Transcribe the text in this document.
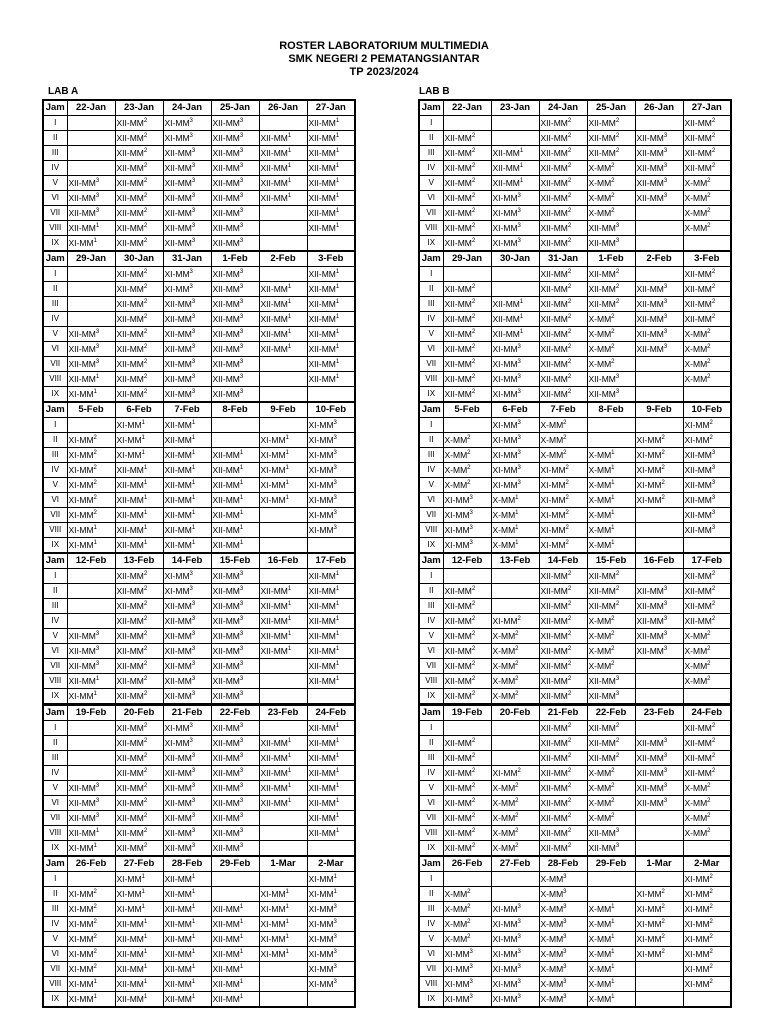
ROSTER LABORATORIUM MULTIMEDIA
SMK NEGERI 2 PEMATANGSIANTAR
TP 2023/2024
LAB A	LAB B
Jam	22-Jan	23-Jan	24-Jan	25-Jan	26-Jan	27-Jan
I		XII-$MM^2$	$XI-MM^3$	XII-$MM^3$		XII-$MM^1$
II		XII-$MM^2$	$XI-MM^3$	XII-$MM^3$	XII-$MM^1$	XII-$MM^1$
III		XII-$MM^2$	XII-$MM^3$	XII-$MM^3$	XII-$MM^1$	XII-$MM^1$
IV		XII-$MM^2$	XII-$MM^3$	XII-$MM^3$	XII-$MM^1$	XII-$MM^1$
V	XII-$MM^3$	XII-$MM^2$	XII-$MM^3$	XII-$MM^3$	XII-$MM^1$	XII-$MM^1$
VI	XII-$MM^3$	XII-$MM^2$	XII-$MM^3$	XII-$MM^3$	XII-$MM^1$	XII-$MM^1$
VII	XII-$MM^3$	XII-$MM^2$	XII-$MM^3$	XII-$MM^3$		XII-$MM^1$
VIII	XII-$MM^1$	XII-$MM^2$	XII-$MM^3$	XII-$MM^3$		XII-$MM^1$
IX	$XI-MM^1$	XII-$MM^2$	XII-$MM^3$	XII-$MM^3$		
Jam	29-Jan	30-Jan	31-Jan	1-Feb	2-Feb	3-Feb
I		XII-$MM^2$	$XI-MM^3$	XII-$MM^3$		XII-$MM^1$
II		XII-$MM^2$	$XI-MM^3$	XII-$MM^3$	XII-$MM^1$	XII-$MM^1$
III		XII-$MM^2$	XII-$MM^3$	XII-$MM^3$	XII-$MM^1$	XII-$MM^1$
IV		XII-$MM^2$	XII-$MM^3$	XII-$MM^3$	XII-$MM^1$	XII-$MM^1$
V	XII-$MM^3$	XII-$MM^2$	XII-$MM^3$	XII-$MM^3$	XII-$MM^1$	XII-$MM^1$
VI	XII-$MM^3$	XII-$MM^2$	XII-$MM^3$	XII-$MM^3$	XII-$MM^1$	XII-$MM^1$
VII	XII-$MM^3$	XII-$MM^2$	XII-$MM^3$	XII-$MM^3$		XII-$MM^1$
VIII	XII-$MM^1$	XII-$MM^2$	XII-$MM^3$	XII-$MM^3$		XII-$MM^1$
IX	$XI-MM^1$	XII-$MM^2$	XII-$MM^3$	XII-$MM^3$		
Jam	5-Feb	6-Feb	7-Feb	8-Feb	9-Feb	10-Feb
I		$XI-MM^1$	XII-$MM^1$			$XI-MM^3$
II	$XI-MM^2$	$XI-MM^1$	XII-$MM^1$		$XI-MM^1$	$XI-MM^3$
III	$XI-MM^2$	$XI-MM^1$	XII-$MM^1$	XII-$MM^1$	$XI-MM^1$	$XI-MM^3$
IV	$XI-MM^2$	XII-$MM^1$	XII-$MM^1$	XII-$MM^1$	$XI-MM^1$	$XI-MM^3$
V	$XI-MM^2$	XII-$MM^1$	XII-$MM^1$	XII-$MM^1$	$XI-MM^1$	$XI-MM^3$
VI	$XI-MM^2$	XII-$MM^1$	XII-$MM^1$	XII-$MM^1$	$XI-MM^1$	$XI-MM^3$
VII	$XI-MM^2$	XII-$MM^1$	XII-$MM^1$	XII-$MM^1$		$XI-MM^3$
VIII	$XI-MM^1$	XII-$MM^1$	XII-$MM^1$	XII-$MM^1$		$XI-MM^3$
IX	$XI-MM^1$	XII-$MM^1$	XII-$MM^1$	XII-$MM^1$		
Jam	12-Feb	13-Feb	14-Feb	15-Feb	16-Feb	17-Feb
I		XII-$MM^2$	$XI-MM^3$	XII-$MM^3$		XII-$MM^1$
II		XII-$MM^2$	$XI-MM^3$	XII-$MM^3$	XII-$MM^1$	XII-$MM^1$
III		XII-$MM^2$	XII-$MM^3$	XII-$MM^3$	XII-$MM^1$	XII-$MM^1$
IV		XII-$MM^2$	XII-$MM^3$	XII-$MM^3$	XII-$MM^1$	XII-$MM^1$
V	XII-$MM^3$	XII-$MM^2$	XII-$MM^3$	XII-$MM^3$	XII-$MM^1$	XII-$MM^1$
VI	XII-$MM^3$	XII-$MM^2$	XII-$MM^3$	XII-$MM^3$	XII-$MM^1$	XII-$MM^1$
VII	XII-$MM^3$	XII-$MM^2$	XII-$MM^3$	XII-$MM^3$		XII-$MM^1$
VIII	XII-$MM^1$	XII-$MM^2$	XII-$MM^3$	XII-$MM^3$		XII-$MM^1$
IX	$XI-MM^1$	XII-$MM^2$	XII-$MM^3$	XII-$MM^3$		
Jam	19-Feb	20-Feb	21-Feb	22-Feb	23-Feb	24-Feb
I		XII-$MM^2$	$XI-MM^3$	XII-$MM^3$		XII-$MM^1$
II		XII-$MM^2$	$XI-MM^3$	XII-$MM^3$	XII-$MM^1$	XII-$MM^1$
III		XII-$MM^2$	XII-$MM^3$	XII-$MM^3$	XII-$MM^1$	XII-$MM^1$
IV		XII-$MM^2$	XII-$MM^3$	XII-$MM^3$	XII-$MM^1$	XII-$MM^1$
V	XII-$MM^3$	XII-$MM^2$	XII-$MM^3$	XII-$MM^3$	XII-$MM^1$	XII-$MM^1$
VI	XII-$MM^3$	XII-$MM^2$	XII-$MM^3$	XII-$MM^3$	XII-$MM^1$	XII-$MM^1$
VII	XII-$MM^3$	XII-$MM^2$	XII-$MM^3$	XII-$MM^3$		XII-$MM^1$
VIII	XII-$MM^1$	XII-$MM^2$	XII-$MM^3$	XII-$MM^3$		XII-$MM^1$
IX	$XI-MM^1$	XII-$MM^2$	XII-$MM^3$	XII-$MM^3$		
Jam	26-Feb	27-Feb	28-Feb	29-Feb	1-Mar	2-Mar
I		$XI-MM^1$	XII-$MM^1$			$XI-MM^1$
II	$XI-MM^2$	$XI-MM^1$	XII-$MM^1$		$XI-MM^1$	$XI-MM^1$
III	$XI-MM^2$	$XI-MM^1$	XII-$MM^1$	XII-$MM^1$	$XI-MM^1$	$XI-MM^3$
IV	$XI-MM^2$	XII-$MM^1$	XII-$MM^1$	XII-$MM^1$	$XI-MM^1$	$XI-MM^3$
V	$XI-MM^2$	XII-$MM^1$	XII-$MM^1$	XII-$MM^1$	$XI-MM^1$	$XI-MM^3$
VI	$XI-MM^2$	XII-$MM^1$	XII-$MM^1$	XII-$MM^1$	$XI-MM^1$	$XI-MM^3$
VII	$XI-MM^2$	XII-$MM^1$	XII-$MM^1$	XII-$MM^1$		$XI-MM^3$
VIII	$XI-MM^1$	XII-$MM^1$	XII-$MM^1$	XII-$MM^1$		$XI-MM^3$
IX	$XI-MM^1$	XII-$MM^1$	XII-$MM^1$	XII-$MM^1$		
Jam	22-Jan	23-Jan	24-Jan	25-Jan	26-Jan	27-Jan
I			XII-$MM^2$	XII-$MM^2$		XII-$MM^2$
II	XII-$MM^2$		XII-$MM^2$	XII-$MM^2$	XII-$MM^3$	XII-$MM^2$
III	XII-$MM^2$	XII-$MM^1$	XII-$MM^2$	XII-$MM^2$	XII-$MM^3$	XII-$MM^2$
IV	XII-$MM^2$	XII-$MM^1$	XII-$MM^2$	$X-MM^2$	XII-$MM^3$	XII-$MM^2$
V	XII-$MM^2$	XII-$MM^1$	XII-$MM^2$	$X-MM^2$	XII-$MM^3$	$X-MM^2$
VI	XII-$MM^2$	$XI-MM^3$	XII-$MM^2$	$X-MM^2$	XII-$MM^3$	$X-MM^2$
VII	XII-$MM^2$	$XI-MM^3$	XII-$MM^2$	$X-MM^2$		$X-MM^2$
VIII	XII-$MM^2$	$XI-MM^3$	XII-$MM^2$	XII-$MM^3$		$X-MM^2$
IX	XII-$MM^2$	$XI-MM^3$	XII-$MM^2$	XII-$MM^3$		
Jam	29-Jan	30-Jan	31-Jan	1-Feb	2-Feb	3-Feb
I			XII-$MM^2$	XII-$MM^2$		XII-$MM^2$
II	XII-$MM^2$		XII-$MM^2$	XII-$MM^2$	XII-$MM^3$	XII-$MM^2$
III	XII-$MM^2$	XII-$MM^1$	XII-$MM^2$	XII-$MM^2$	XII-$MM^3$	XII-$MM^2$
IV	XII-$MM^2$	XII-$MM^1$	XII-$MM^2$	$X-MM^2$	XII-$MM^3$	XII-$MM^2$
V	XII-$MM^2$	XII-$MM^1$	XII-$MM^2$	$X-MM^2$	XII-$MM^3$	$X-MM^2$
VI	XII-$MM^2$	$XI-MM^3$	XII-$MM^2$	$X-MM^2$	XII-$MM^3$	$X-MM^2$
VII	XII-$MM^2$	$XI-MM^3$	XII-$MM^2$	$X-MM^2$		$X-MM^2$
VIII	XII-$MM^2$	$XI-MM^3$	XII-$MM^2$	XII-$MM^3$		$X-MM^2$
IX	XII-$MM^2$	$XI-MM^3$	XII-$MM^2$	XII-$MM^3$		
Jam	5-Feb	6-Feb	7-Feb	8-Feb	9-Feb	10-Feb
I		$XI-MM^3$	$X-MM^2$			$XI-MM^2$
II	$X-MM^2$	$XI-MM^3$	$X-MM^2$		$XI-MM^2$	$XI-MM^2$
III	$X-MM^2$	$XI-MM^3$	$X-MM^2$	$X-MM^1$	$XI-MM^2$	XII-$MM^3$
IV	$X-MM^2$	$XI-MM^3$	$XI-MM^2$	$X-MM^1$	$XI-MM^2$	XII-$MM^3$
V	$X-MM^2$	$XI-MM^3$	$XI-MM^2$	$X-MM^1$	$XI-MM^2$	XII-$MM^3$
VI	$XI-MM^3$	$X-MM^1$	$XI-MM^2$	$X-MM^1$	$XI-MM^2$	XII-$MM^3$
VII	$XI-MM^3$	$X-MM^1$	$XI-MM^2$	$X-MM^1$		XII-$MM^3$
VIII	$XI-MM^3$	$X-MM^1$	$XI-MM^2$	$X-MM^1$		XII-$MM^3$
IX	$XI-MM^3$	$X-MM^1$	$XI-MM^2$	$X-MM^1$		
Jam	12-Feb	13-Feb	14-Feb	15-Feb	16-Feb	17-Feb
I			XII-$MM^2$	XII-$MM^2$		XII-$MM^2$
II	XII-$MM^2$		XII-$MM^2$	XII-$MM^2$	XII-$MM^3$	XII-$MM^2$
III	XII-$MM^2$		XII-$MM^2$	XII-$MM^2$	XII-$MM^3$	XII-$MM^2$
IV	XII-$MM^2$	$XI-MM^2$	XII-$MM^2$	$X-MM^2$	XII-$MM^3$	XII-$MM^2$
V	XII-$MM^2$	$X-MM^2$	XII-$MM^2$	$X-MM^2$	XII-$MM^3$	$X-MM^2$
VI	XII-$MM^2$	$X-MM^2$	XII-$MM^2$	$X-MM^2$	XII-$MM^3$	$X-MM^2$
VII	XII-$MM^2$	$X-MM^2$	XII-$MM^2$	$X-MM^2$		$X-MM^2$
VIII	XII-$MM^2$	$X-MM^2$	XII-$MM^2$	XII-$MM^3$		$X-MM^2$
IX	XII-$MM^2$	$X-MM^2$	XII-$MM^2$	XII-$MM^3$		
Jam	19-Feb	20-Feb	21-Feb	22-Feb	23-Feb	24-Feb
I			XII-$MM^2$	XII-$MM^2$		XII-$MM^2$
II	XII-$MM^2$		XII-$MM^2$	XII-$MM^2$	XII-$MM^3$	XII-$MM^2$
III	XII-$MM^2$		XII-$MM^2$	XII-$MM^2$	XII-$MM^3$	XII-$MM^2$
IV	XII-$MM^2$	$XI-MM^2$	XII-$MM^2$	$X-MM^2$	XII-$MM^3$	XII-$MM^2$
V	XII-$MM^2$	$X-MM^2$	XII-$MM^2$	$X-MM^2$	XII-$MM^3$	$X-MM^2$
VI	XII-$MM^2$	$X-MM^2$	XII-$MM^2$	$X-MM^2$	XII-$MM^3$	$X-MM^2$
VII	XII-$MM^2$	$X-MM^2$	XII-$MM^2$	$X-MM^2$		$X-MM^2$
VIII	XII-$MM^2$	$X-MM^2$	XII-$MM^2$	XII-$MM^3$		$X-MM^2$
IX	XII-$MM^2$	$X-MM^2$	XII-$MM^2$	XII-$MM^3$		
Jam	26-Feb	27-Feb	28-Feb	29-Feb	1-Mar	2-Mar
I			$X-MM^3$			$XI-MM^2$
II	$X-MM^2$		$X-MM^3$		$XI-MM^2$	$XI-MM^2$
III	$X-MM^2$	$XI-MM^3$	$X-MM^3$	$X-MM^1$	$XI-MM^2$	$XI-MM^2$
IV	$X-MM^2$	$XI-MM^3$	$X-MM^3$	$X-MM^1$	$XI-MM^2$	$XI-MM^2$
V	$X-MM^2$	$XI-MM^3$	$X-MM^3$	$X-MM^1$	$XI-MM^2$	$XI-MM^2$
VI	$XI-MM^3$	$XI-MM^3$	$X-MM^3$	$X-MM^1$	$XI-MM^2$	$XI-MM^2$
VII	$XI-MM^3$	$XI-MM^3$	$X-MM^3$	$X-MM^1$		$XI-MM^2$
VIII	$XI-MM^3$	$XI-MM^3$	$X-MM^3$	$X-MM^1$		$XI-MM^2$
IX	$XI-MM^3$	$XI-MM^3$	$X-MM^3$	$X-MM^1$		
